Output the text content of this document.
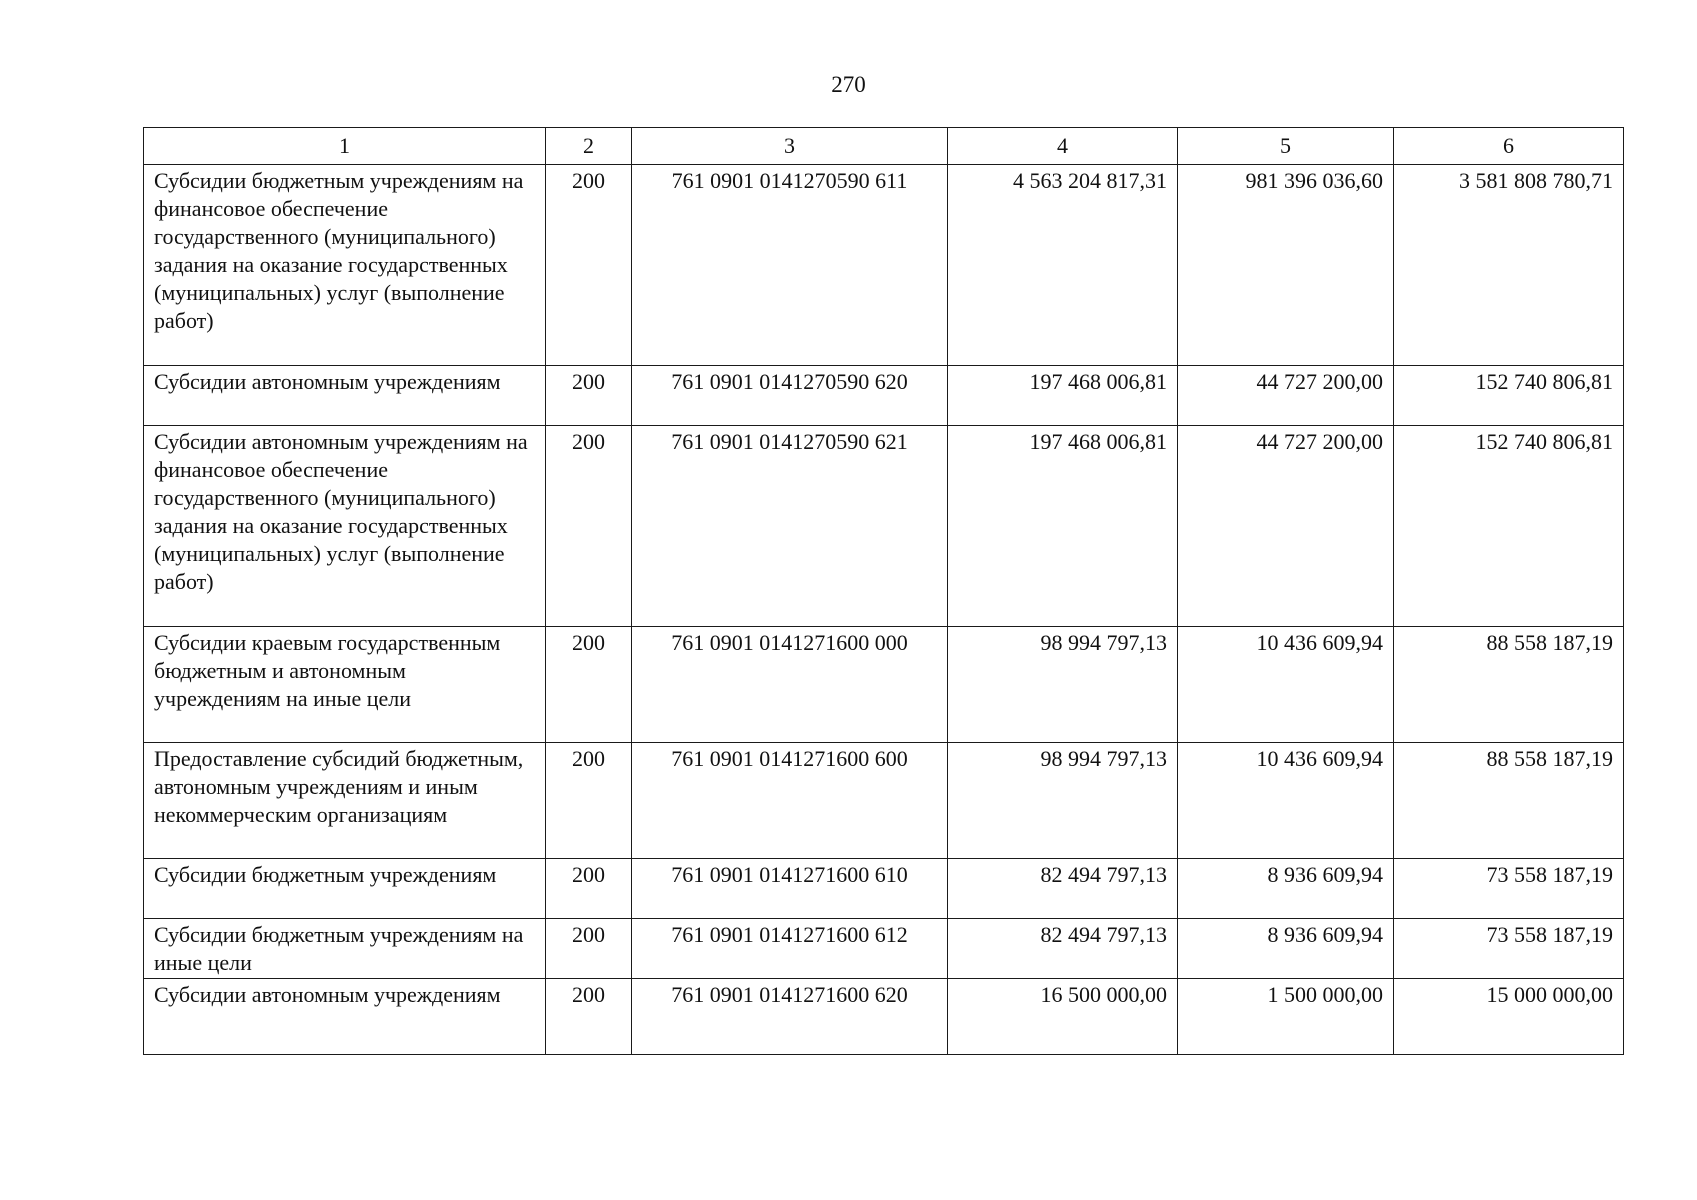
270
1	2	3	4	5	6
Субсидии бюджетным учреждениям на финансовое обеспечение государственного (муниципального) задания на оказание государственных (муниципальных) услуг (выполнение работ)	200	761 0901 0141270590 611	4 563 204 817,31	981 396 036,60	3 581 808 780,71
Субсидии автономным учреждениям	200	761 0901 0141270590 620	197 468 006,81	44 727 200,00	152 740 806,81
Субсидии автономным учреждениям на финансовое обеспечение государственного (муниципального) задания на оказание государственных (муниципальных) услуг (выполнение работ)	200	761 0901 0141270590 621	197 468 006,81	44 727 200,00	152 740 806,81
Субсидии краевым государственным бюджетным и автономным учреждениям на иные цели	200	761 0901 0141271600 000	98 994 797,13	10 436 609,94	88 558 187,19
Предоставление субсидий бюджетным, автономным учреждениям и иным некоммерческим организациям	200	761 0901 0141271600 600	98 994 797,13	10 436 609,94	88 558 187,19
Субсидии бюджетным учреждениям	200	761 0901 0141271600 610	82 494 797,13	8 936 609,94	73 558 187,19
Субсидии бюджетным учреждениям на иные цели	200	761 0901 0141271600 612	82 494 797,13	8 936 609,94	73 558 187,19
Субсидии автономным учреждениям	200	761 0901 0141271600 620	16 500 000,00	1 500 000,00	15 000 000,00
